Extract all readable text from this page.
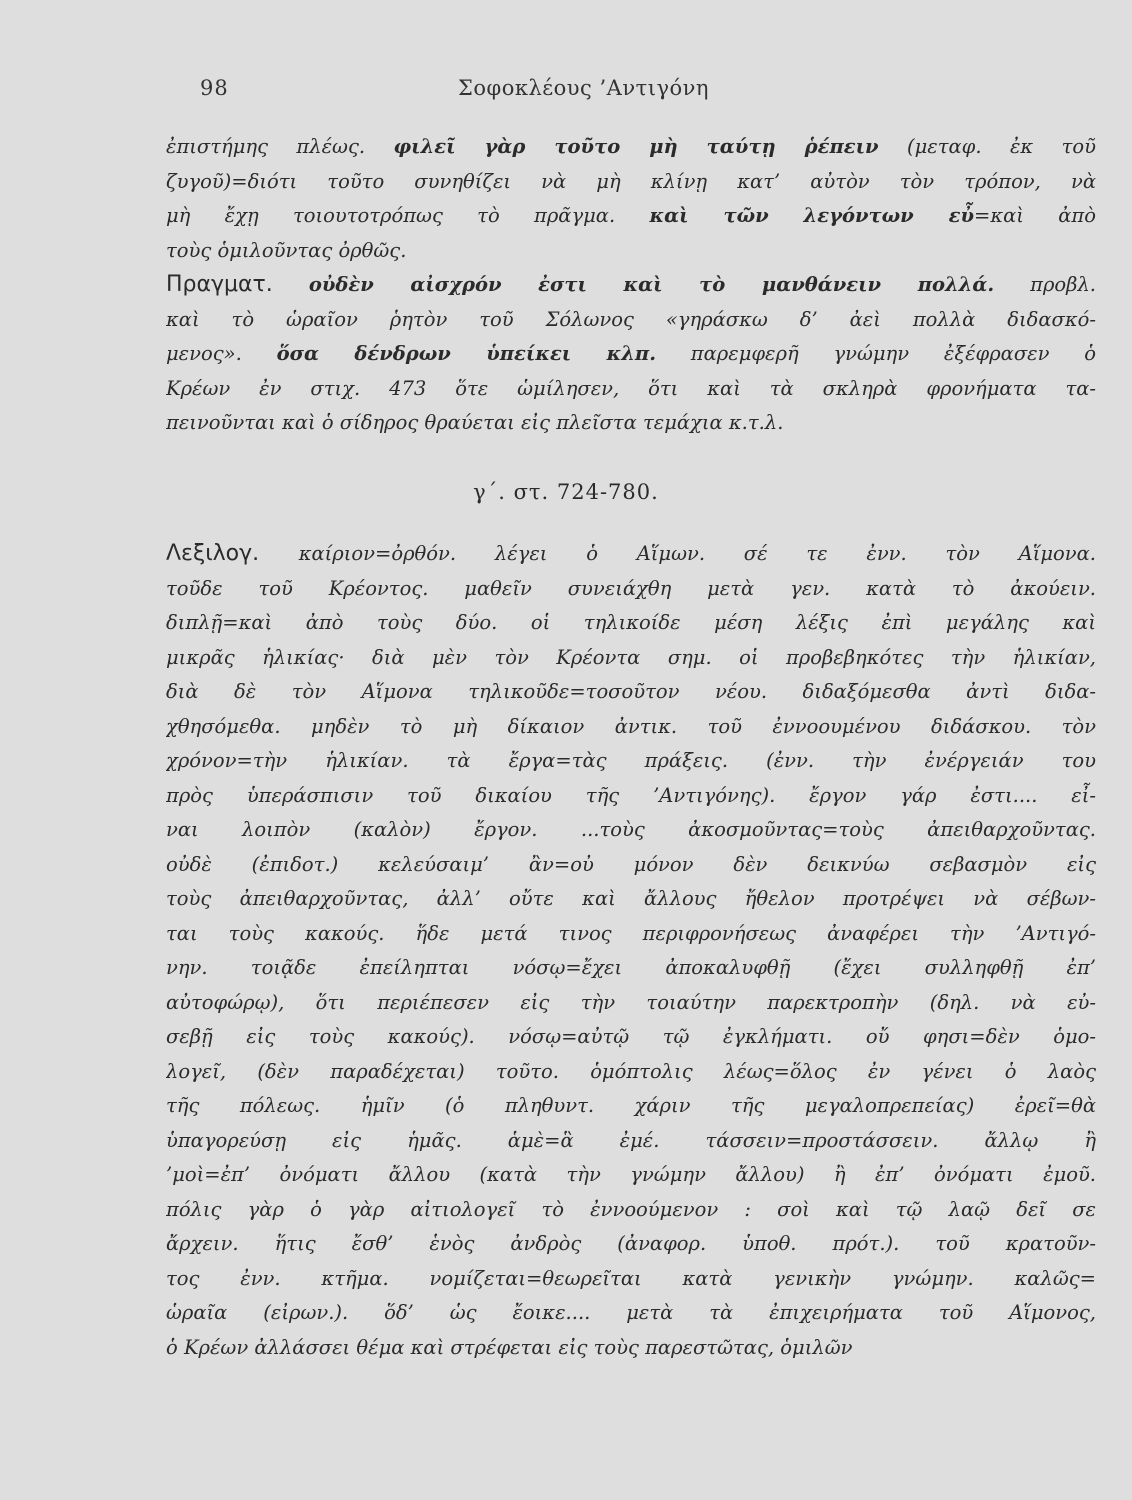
98	Σοφοκλέους ’Αντιγόνη
ἐπιστήμης πλέως. φιλεῖ γὰρ τοῦτο μὴ ταύτῃ ῥέπειν (μεταφ. ἐκ τοῦ
ζυγοῦ)=διότι τοῦτο συνηθίζει νὰ μὴ κλίνῃ κατ’ αὐτὸν τὸν τρόπον, νὰ
μὴ ἔχῃ τοιουτοτρόπως τὸ πρᾶγμα. καὶ τῶν λεγόντων εὖ=καὶ ἀπὸ
τοὺς ὁμιλοῦντας ὀρθῶς.
Πραγματ. οὐδὲν αἰσχρόν ἐστι καὶ τὸ μανθάνειν πολλά. προβλ.
καὶ τὸ ὡραῖον ῥητὸν τοῦ Σόλωνος «γηράσκω δ’ ἀεὶ πολλὰ διδασκό-
μενος». ὅσα δένδρων ὑπείκει κλπ. παρεμφερῆ γνώμην ἐξέφρασεν ὁ
Κρέων ἐν στιχ. 473 ὅτε ὡμίλησεν, ὅτι καὶ τὰ σκληρὰ φρονήματα τα-
πεινοῦνται καὶ ὁ σίδηρος θραύεται εἰς πλεῖστα τεμάχια κ.τ.λ.
γ΄. στ. 724-780.
Λεξιλογ. καίριον=ὀρθόν. λέγει ὁ Αἵμων. σέ τε ἐνν. τὸν Αἵμονα.
τοῦδε τοῦ Κρέοντος. μαθεῖν συνειάχθη μετὰ γεν. κατὰ τὸ ἀκούειν.
διπλῇ=καὶ ἀπὸ τοὺς δύο. οἱ τηλικοίδε μέση λέξις ἐπὶ μεγάλης καὶ
μικρᾶς ἡλικίας· διὰ μὲν τὸν Κρέοντα σημ. οἱ προβεβηκότες τὴν ἡλικίαν,
διὰ δὲ τὸν Αἵμονα τηλικοῦδε=τοσοῦτον νέου. διδαξόμεσθα ἀντὶ διδα-
χθησόμεθα. μηδὲν τὸ μὴ δίκαιον ἀντικ. τοῦ ἐννοουμένου διδάσκου. τὸν
χρόνον=τὴν ἡλικίαν. τὰ ἔργα=τὰς πράξεις. (ἐνν. τὴν ἐνέργειάν του
πρὸς ὑπεράσπισιν τοῦ δικαίου τῆς ’Αντιγόνης). ἔργον γάρ ἐστι.... εἶ-
ναι λοιπὸν (καλὸν) ἔργον. ...τοὺς ἀκοσμοῦντας=τοὺς ἀπειθαρχοῦντας.
οὐδὲ (ἐπιδοτ.) κελεύσαιμ’ ἂν=οὐ μόνον δὲν δεικνύω σεβασμὸν εἰς
τοὺς ἀπειθαρχοῦντας, ἀλλ’ οὔτε καὶ ἄλλους ἤθελον προτρέψει νὰ σέβων-
ται τοὺς κακούς. ἥδε μετά τινος περιφρονήσεως ἀναφέρει τὴν ’Αντιγό-
νην. τοιᾷδε ἐπείληπται νόσῳ=ἔχει ἀποκαλυφθῇ (ἔχει συλληφθῇ ἐπ’
αὐτοφώρῳ), ὅτι περιέπεσεν εἰς τὴν τοιαύτην παρεκτροπὴν (δηλ. νὰ εὐ-
σεβῇ εἰς τοὺς κακούς). νόσῳ=αὐτῷ τῷ ἐγκλήματι. οὔ φησι=δὲν ὁμο-
λογεῖ, (δὲν παραδέχεται) τοῦτο. ὁμόπτολις λέως=ὅλος ἐν γένει ὁ λαὸς
τῆς πόλεως. ἡμῖν (ὁ πληθυντ. χάριν τῆς μεγαλοπρεπείας) ἐρεῖ=θὰ
ὑπαγορεύσῃ εἰς ἡμᾶς. ἁμὲ=ἃ ἐμέ. τάσσειν=προστάσσειν. ἄλλῳ ἢ
’μοὶ=ἐπ’ ὀνόματι ἄλλου (κατὰ τὴν γνώμην ἄλλου) ἢ ἐπ’ ὀνόματι ἐμοῦ.
πόλις γὰρ ὁ γὰρ αἰτιολογεῖ τὸ ἐννοούμενον : σοὶ καὶ τῷ λαῷ δεῖ σε
ἄρχειν. ἥτις ἔσθ’ ἑνὸς ἀνδρὸς (ἀναφορ. ὑποθ. πρότ.). τοῦ κρατοῦν-
τος ἐνν. κτῆμα. νομίζεται=θεωρεῖται κατὰ γενικὴν γνώμην. καλῶς=
ὡραῖα (εἰρων.). ὅδ’ ὡς ἔοικε.... μετὰ τὰ ἐπιχειρήματα τοῦ Αἵμονος,
ὁ Κρέων ἀλλάσσει θέμα καὶ στρέφεται εἰς τοὺς παρεστῶτας, ὁμιλῶν
